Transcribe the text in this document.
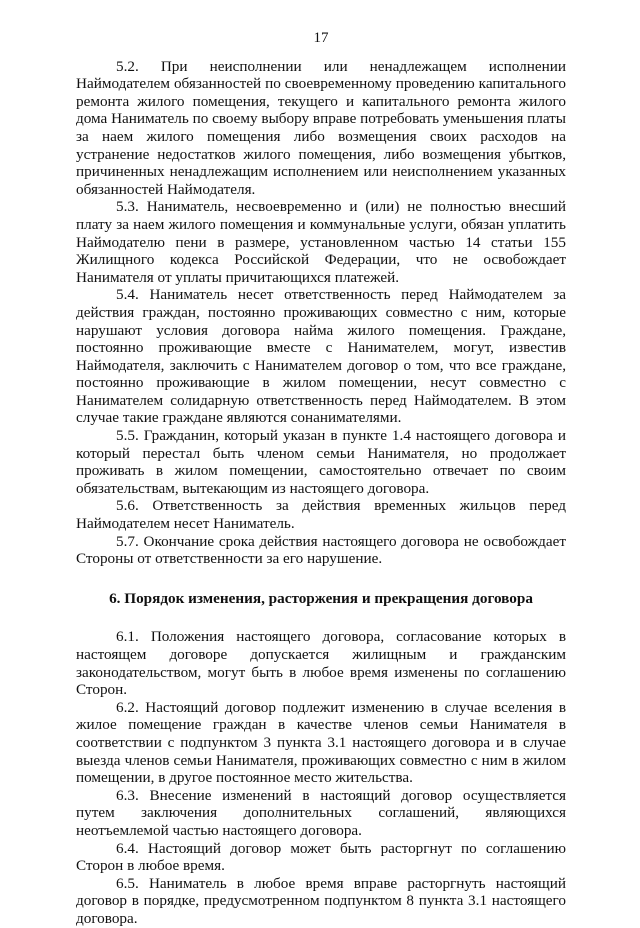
17

5.2. При неисполнении или ненадлежащем исполнении Наймодателем обязанностей по своевременному проведению капитального ремонта жилого помещения, текущего и капитального ремонта жилого дома Наниматель по своему выбору вправе потребовать уменьшения платы за наем жилого помещения либо возмещения своих расходов на устранение недостатков жилого помещения, либо возмещения убытков, причиненных ненадлежащим исполнением или неисполнением указанных обязанностей Наймодателя.

5.3. Наниматель, несвоевременно и (или) не полностью внесший плату за наем жилого помещения и коммунальные услуги, обязан уплатить Наймодателю пени в размере, установленном частью 14 статьи 155 Жилищного кодекса Российской Федерации, что не освобождает Нанимателя от уплаты причитающихся платежей.

5.4. Наниматель несет ответственность перед Наймодателем за действия граждан, постоянно проживающих совместно с ним, которые нарушают условия договора найма жилого помещения. Граждане, постоянно проживающие вместе с Нанимателем, могут, известив Наймодателя, заключить с Нанимателем договор о том, что все граждане, постоянно проживающие в жилом помещении, несут совместно с Нанимателем солидарную ответственность перед Наймодателем. В этом случае такие граждане являются сонанимателями.

5.5. Гражданин, который указан в пункте 1.4 настоящего договора и который перестал быть членом семьи Нанимателя, но продолжает проживать в жилом помещении, самостоятельно отвечает по своим обязательствам, вытекающим из настоящего договора.

5.6. Ответственность за действия временных жильцов перед Наймодателем несет Наниматель.

5.7. Окончание срока действия настоящего договора не освобождает Стороны от ответственности за его нарушение.

6. Порядок изменения, расторжения и прекращения договора

6.1. Положения настоящего договора, согласование которых в настоящем договоре допускается жилищным и гражданским законодательством, могут быть в любое время изменены по соглашению Сторон.

6.2. Настоящий договор подлежит изменению в случае вселения в жилое помещение граждан в качестве членов семьи Нанимателя в соответствии с подпунктом 3 пункта 3.1 настоящего договора и в случае выезда членов семьи Нанимателя, проживающих совместно с ним в жилом помещении, в другое постоянное место жительства.

6.3. Внесение изменений в настоящий договор осуществляется путем заключения дополнительных соглашений, являющихся неотъемлемой частью настоящего договора.

6.4. Настоящий договор может быть расторгнут по соглашению Сторон в любое время.

6.5. Наниматель в любое время вправе расторгнуть настоящий договор в порядке, предусмотренном подпунктом 8 пункта 3.1 настоящего договора.
